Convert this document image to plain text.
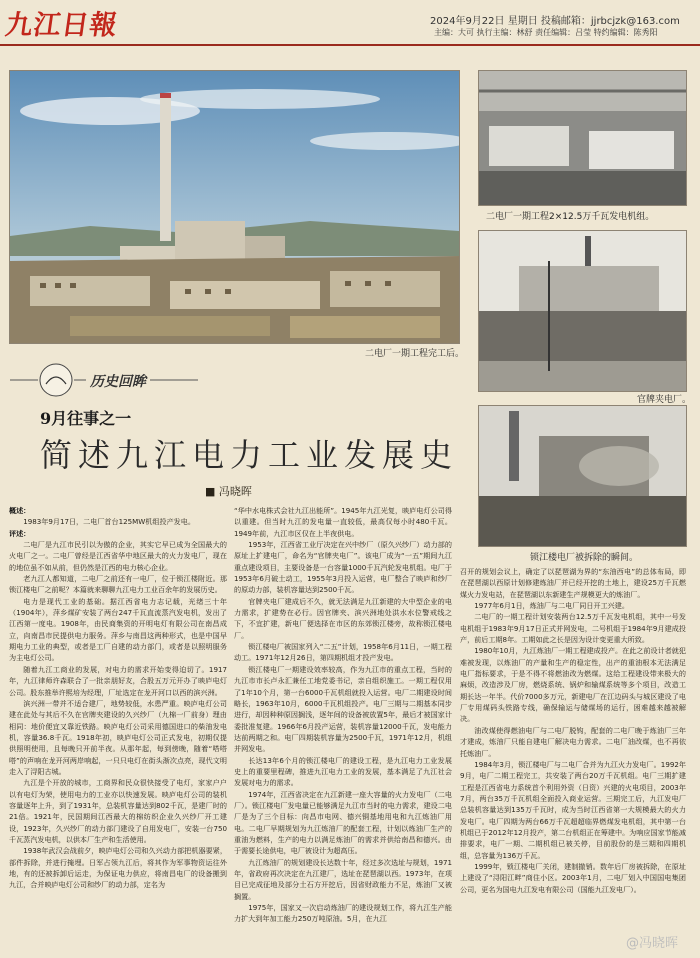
九江日報	2024年9月22日 星期日 投稿邮箱：jjrbcjzk@163.com
主编：大可 执行主编：林舒 责任编辑：吕莹 特约编辑：陈秀阳
二电厂一期工程完工后。
二电厂一期工程2×12.5万千瓦发电机组。
官牌夹电厂。
锁江楼电厂被拆除的瞬间。
历史回眸
9月往事之一
简述九江电力工业发展史
■ 冯晓晖

概述：

1983年9月17日，二电厂首台125MW机组投产发电。

评述：

二电厂是九江市民引以为傲的企业，其实它早已成为全国最大的火电厂之一。二电厂曾经是江西省华中地区最大的火力发电厂，现在的地位虽不如从前，但仍然是江西的电力核心企业。

老九江人都知道，二电厂之前还有一电厂，位于锁江楼附近。那锁江楼电厂之前呢？本篇就来聊聊九江电力工业百余年的发展历史。

电力是现代工业的基础。据江西省电力志记载，光绪三十年（1904年），萍乡煤矿安装了两台247千瓦直流蒸汽发电机，发出了江西第一度电。1908年，由民商集资的开明电灯有限公司在南昌成立，向南昌市民提供电力服务。萍乡与南昌这两种形式，也是中国早期电力工业的典型，或者是工厂自建的动力部门，或者是以照明服务为主电灯公司。

随着九江工商业的发展，对电力的需求开始变得迫切了。1917年，九江律师许森联合了一批亲朋好友，合股五万元开办了映庐电灯公司。股东推举许熙培为经理，厂址选定在龙开河口以西的滨兴洲。

滨兴洲一带并不适合建厂，地势较低，水患严重。映庐电灯公司建在此处与其后不久在官牌夹建设的久兴纱厂（九棉一厂前身）理由相同：地价便宜又靠近铁路。映庐电灯公司采用德国进口的柴油发电机，容量36.8千瓦。1918年初，映庐电灯公司正式发电，初期仅提供照明使用，且每晚只开前半夜。从那年起，每到傍晚，随着“嗒嗒嗒”的声响在龙开河两岸响起，一只只电灯在街头渐次点亮，现代文明走入了浔阳古城。

九江是个开放的城市，工商界和民众很快接受了电灯，家家户户以有电灯为荣，使用电力的工业亦以快速发展。映庐电灯公司的装机容量逐年上升，到了1931年，总装机容量达到802千瓦，是建厂时的21倍。1921年，民国期间江西最大的棉纺织企业久兴纱厂开工建设，1923年，久兴纱厂的动力部门建设了自用发电厂，安装一台750千瓦蒸汽发电机，以供本厂生产和生活使用。

1938年武汉会战前夕，映庐电灯公司和久兴动力部把机器要紧，部件拆除，并进行掩埋。日军占领九江后，将其作为军事物资运往外地，有的还被拆卸后运走，为保证电力供应，将南昌电厂的设备搬到九江，合并映庐电灯公司和纱厂的动力部，定名为

“华中水电株式会社九江出能所”。1945年九江光复，映庐电灯公司得以重建。但当时九江的发电量一直较低，最高仅每小时480千瓦。1949年前，九江市区仅在上半夜供电。

1953年，江西省工业厅决定在兴中纱厂（原久兴纱厂）动力部的原址上扩建电厂，命名为“官牌夹电厂”。该电厂成为“一五”期间九江重点建设项目，主要设备是一台容量1000千瓦汽轮发电机组。电厂于1953年6月破土动工，1955年3月投入运营，电厂整合了映庐和纱厂的原动力部，装机容量达到2500千瓦。

官牌夹电厂建成后不久，就无法满足九江新建的大中型企业的电力需求，扩建势在必行。因官牌夹、滨兴洲地处洪水水位警戒线之下，不宜扩建，新电厂便选择在市区的东郊锁江楼旁，故称锁江楼电厂。

锁江楼电厂被国家列入“二五”计划，1958年6月11日，一期工程动工。1971年12月26日，第四期机组才投产发电。

锁江楼电厂一期建设效率较高，作为九江市的重点工程，当时的九江市市长卢永汇兼任工地党委书记，亲自组织施工。一期工程仅用了1年10个月，第一台6000千瓦机组就投入运营。电厂二期建设时间略长，1963年10月，6000千瓦机组投产。电厂三期与二期基本同步进行，却因种种原因搁浅，逐年间的设备被放置5年，最后才被国家计委批准复建。1966年6月投产运营，装机容量12000千瓦，发电能力达前两期之和。电厂四期装机容量为2500千瓦，1971年12月，机组并网发电。

长达13年6个月的锁江楼电厂的建设工程，是九江电力工业发展史上的重要里程碑，推进九江电力工业的发展，基本满足了九江社会发展对电力的需求。

1974年，江西省决定在九江新建一座大容量的火力发电厂（二电厂）。锁江楼电厂发电量已能够满足九江市当时的电力需求，建设二电厂是为了三个目标：向昌市电网、德兴铜基地用电和九江炼油厂用电。二电厂早期规划为九江炼油厂的配套工程，计划以炼油厂生产的重油为燃料，生产的电力以满足炼油厂的需求并供给南昌和德兴。由于需要长途供电，电厂被设计为超高压。

九江炼油厂的规划建设长达数十年，经过多次选址与规划，1971年，省政府再次决定在九江建厂，选址在琵琶湖以西。1973年，在项目已完成征地及部分土石方开挖后，因省财政能力不足，炼油厂又被搁置。

1975年，国家又一次启动炼油厂的建设规划工作，将九江生产能力扩大到年加工能力250万吨原油。5月，在九江

召开的规划会议上，确定了以琵琶湖为界的“东油西电”的总体布局，即在琵琶湖以西原计划修建炼油厂并已经开挖的土地上，建设25万千瓦燃煤火力发电站，在琵琶湖以东新建生产规模更大的炼油厂。

1977年6月1日，炼油厂与二电厂同日开工兴建。

二电厂的一期工程计划安装两台12.5万千瓦发电机组，其中一号发电机组于1983年9月17日正式并网发电，二号机组于1984年9月建成投产，前后工期8年。工期如此之长是因为设计变更重大所致。

1980年10月，九江炼油厂一期工程建成投产。在此之前设计者就犯难被发现，以炼油厂的产量和生产的稳定性，出产的重油根本无法满足电厂指标要求，于是不得不将燃油改为燃煤。这给工程建设带来极大的麻烦，改造涉及厂房，燃烧系统、锅炉和输煤系统等多个项目，改造工期长达一年半。代价7000多万元，新建电厂在江边码头与城区建设了电厂专用煤码头铁路专线，确保输运与储煤场的运行，困难越来越被解决。

油改煤使得燃油电厂与二电厂脱钩，配套的二电厂晚于炼油厂三年才建成，炼油厂只能自建电厂解决电力需求。二电厂油改煤，也不再依托炼油厂。

1984年3月，锁江楼电厂与二电厂合并为九江火力发电厂。1992年9月，电厂二期工程完工，共安装了两台20万千瓦机组。电厂三期扩建工程是江西省电力系统首个利用外资（日资）兴建的火电项目，2003年7月，两台35万千瓦机组全面投入商业运营。三期完工后，九江发电厂总装机容量达到135万千瓦时，成为当时江西省第一大规模最大的火力发电厂。电厂四期为两台66万千瓦超超临界燃煤发电机组，其中第一台机组已于2012年12月投产，第二台机组正在筹建中。为响应国家节能减排要求，电厂一期、二期机组已被关停，目前股份的是三期和四期机组，总容量为136万千瓦。

1999年，锁江楼电厂关闭，建制撤销。数年后厂房被拆除，在原址上建设了“浔阳江畔”商住小区。2003年1月，二电厂划入中国国电集团公司，更名为国电九江发电有限公司（国能九江发电厂）。

@冯晓晖
